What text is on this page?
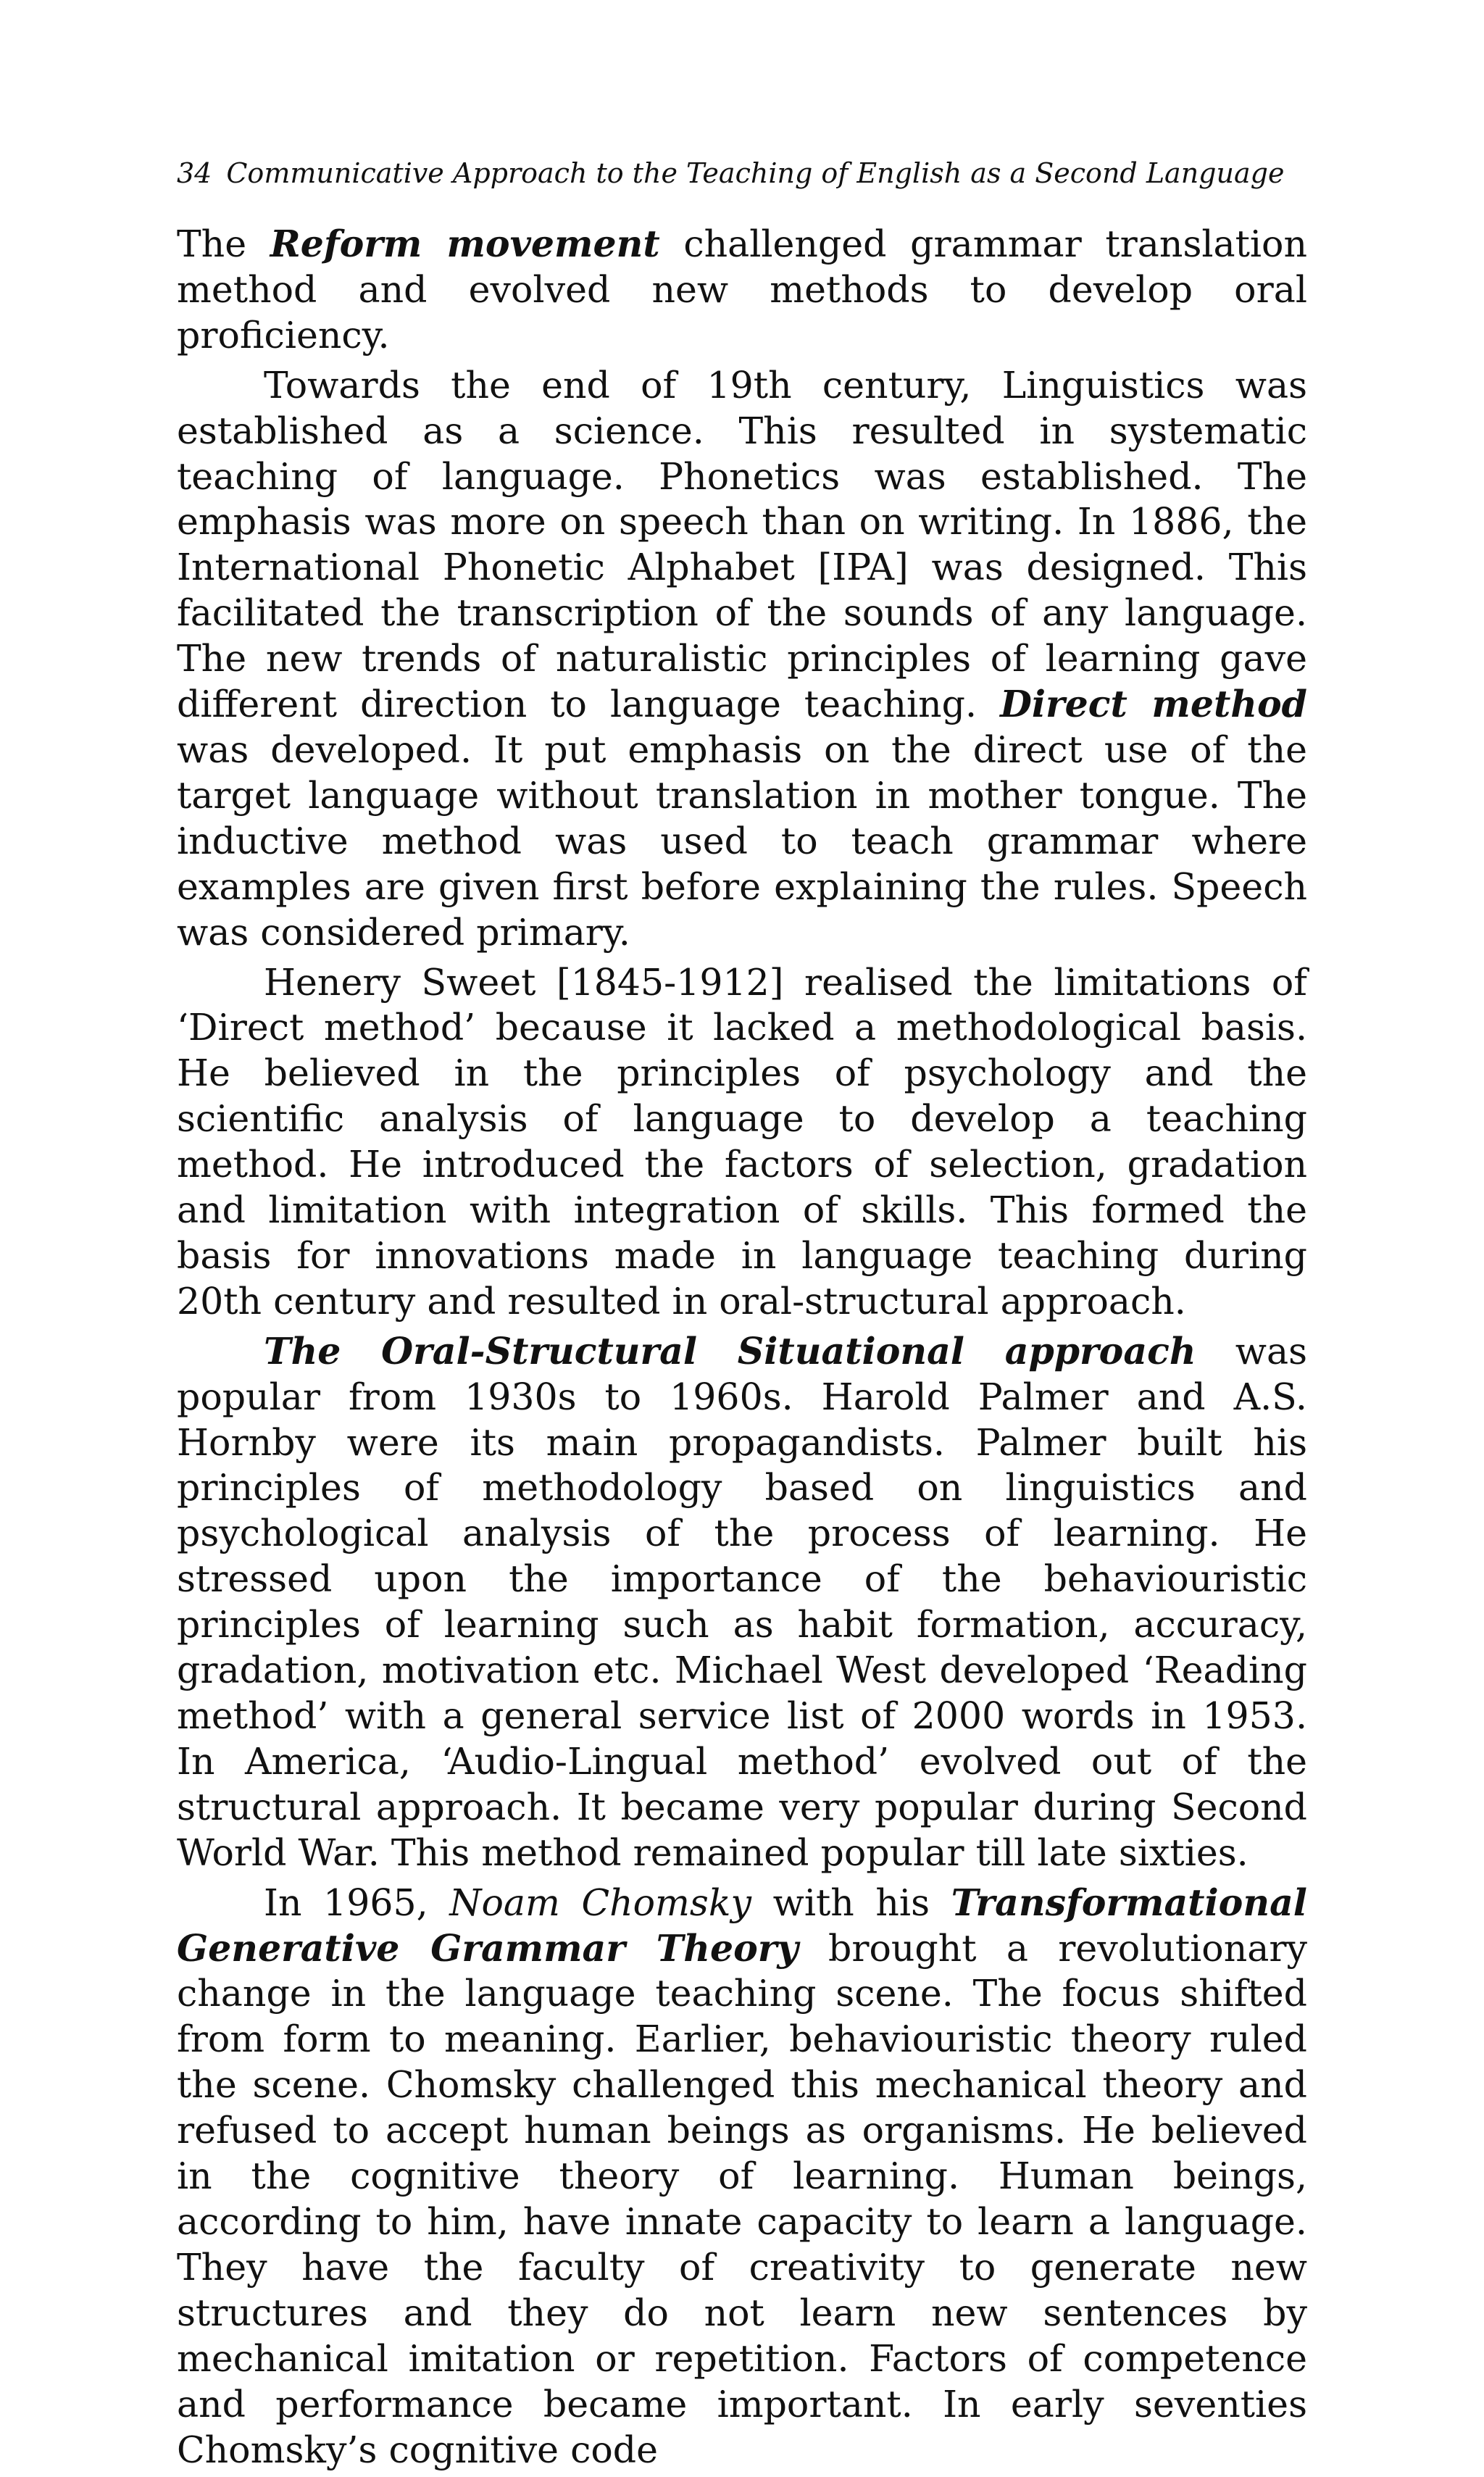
34 Communicative Approach to the Teaching of English as a Second Language

The Reform movement challenged grammar translation method and evolved new methods to develop oral proficiency.

Towards the end of 19th century, Linguistics was established as a science. This resulted in systematic teaching of language. Phonetics was established. The emphasis was more on speech than on writing. In 1886, the International Phonetic Alphabet [IPA] was designed. This facilitated the transcription of the sounds of any language. The new trends of naturalistic principles of learning gave different direction to language teaching. Direct method was developed. It put emphasis on the direct use of the target language without translation in mother tongue. The inductive method was used to teach grammar where examples are given first before explaining the rules. Speech was considered primary.

Henery Sweet [1845-1912] realised the limitations of ‘Direct method’ because it lacked a methodological basis. He believed in the principles of psychology and the scientific analysis of language to develop a teaching method. He introduced the factors of selection, gradation and limitation with integration of skills. This formed the basis for innovations made in language teaching during 20th century and resulted in oral-structural approach.

The Oral-Structural Situational approach was popular from 1930s to 1960s. Harold Palmer and A.S. Hornby were its main propagandists. Palmer built his principles of methodology based on linguistics and psychological analysis of the process of learning. He stressed upon the importance of the behaviouristic principles of learning such as habit formation, accuracy, gradation, motivation etc. Michael West developed ‘Reading method’ with a general service list of 2000 words in 1953. In America, ‘Audio-Lingual method’ evolved out of the structural approach. It became very popular during Second World War. This method remained popular till late sixties.

In 1965, Noam Chomsky with his Transformational Generative Grammar Theory brought a revolutionary change in the language teaching scene. The focus shifted from form to meaning. Earlier, behaviouristic theory ruled the scene. Chomsky challenged this mechanical theory and refused to accept human beings as organisms. He believed in the cognitive theory of learning. Human beings, according to him, have innate capacity to learn a language. They have the faculty of creativity to generate new structures and they do not learn new sentences by mechanical imitation or repetition. Factors of competence and performance became important. In early seventies Chomsky’s cognitive code
